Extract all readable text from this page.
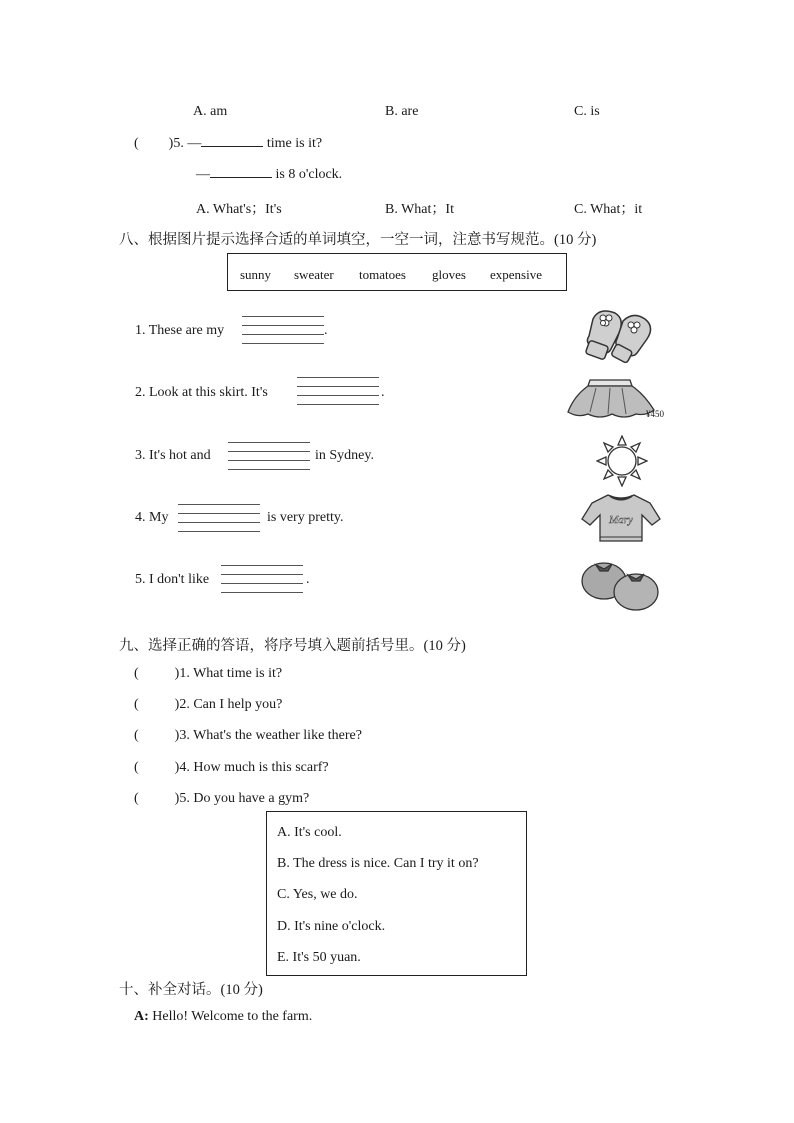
A. am	B. are	C. is
( )5. —	time is it?
—	is 8 o'clock.
A. What's；It's	B. What；It	C. What；it
八、根据图片提示选择合适的单词填空，一空一词，注意书写规范。(10 分)
sunny sweater tomatoes gloves expensive
1. These are my	.
2. Look at this skirt. It's	.
3. It's hot and	in Sydney.
4. My	is very pretty.
5. I don't like	.
¥450
Mary
九、选择正确的答语，将序号填入题前括号里。(10 分)
(	)1. What time is it?
(	)2. Can I help you?
(	)3. What's the weather like there?
(	)4. How much is this scarf?
(	)5. Do you have a gym?
A. It's cool.
B. The dress is nice. Can I try it on?
C. Yes, we do.
D. It's nine o'clock.
E. It's 50 yuan.
十、补全对话。(10 分)
A: Hello! Welcome to the farm.
